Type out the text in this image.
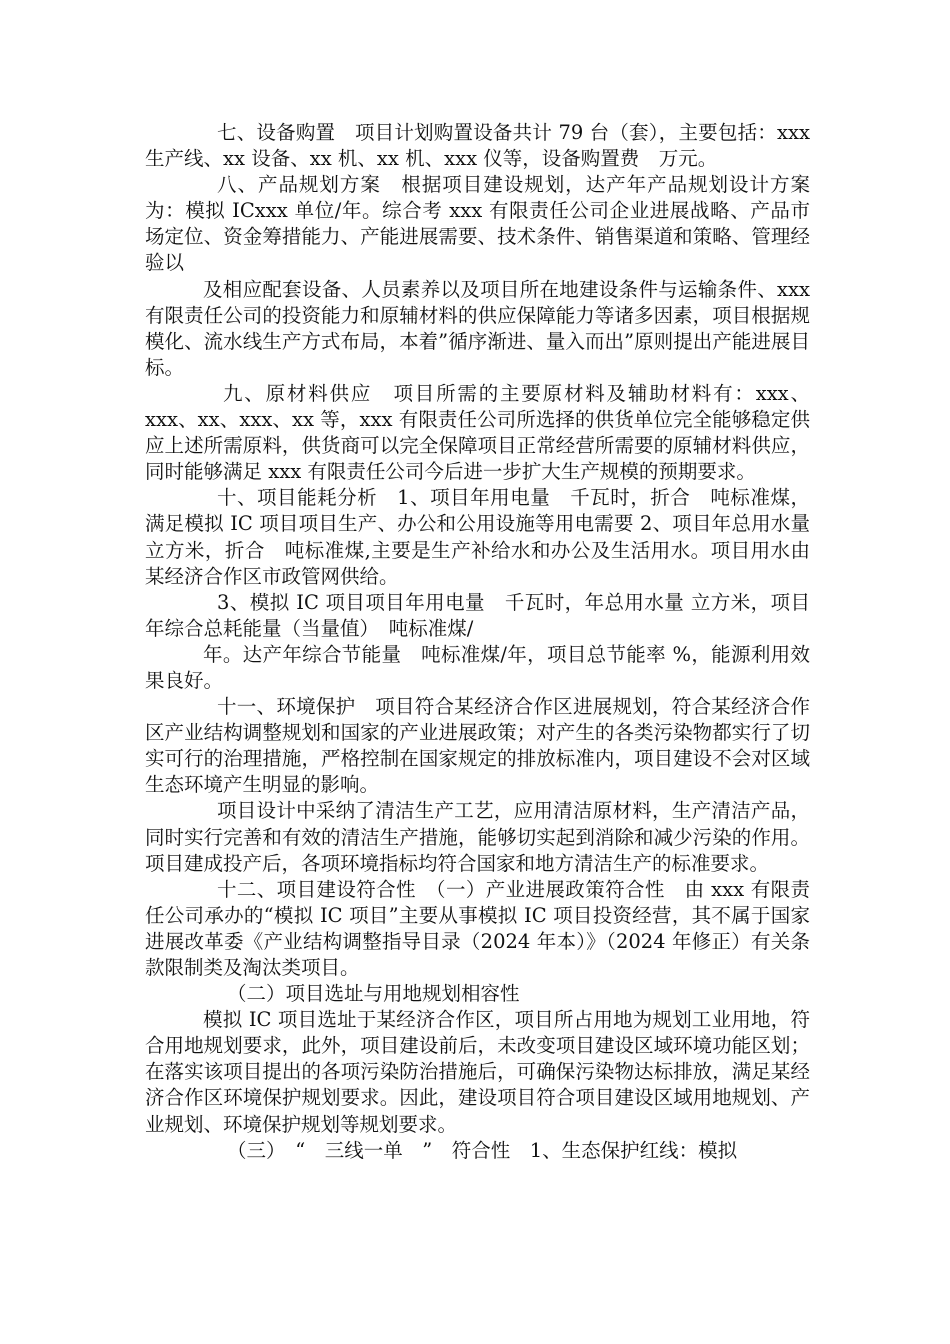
七、设备购置　项目计划购置设备共计 79 台（套），主要包括：xxx 生产线、xx 设备、xx 机、xx 机、xxx 仪等，设备购置费　万元。

八、产品规划方案　根据项目建设规划，达产年产品规划设计方案为：模拟 ICxxx 单位/年。综合考 xxx 有限责任公司企业进展战略、产品市场定位、资金筹措能力、产能进展需要、技术条件、销售渠道和策略、管理经验以

及相应配套设备、人员素养以及项目所在地建设条件与运输条件、xxx 有限责任公司的投资能力和原辅材料的供应保障能力等诸多因素，项目根据规模化、流水线生产方式布局，本着”循序渐进、量入而出”原则提出产能进展目标。

九、原材料供应　项目所需的主要原材料及辅助材料有：xxx、xxx、xx、xxx、xx 等，xxx 有限责任公司所选择的供货单位完全能够稳定供应上述所需原料，供货商可以完全保障项目正常经营所需要的原辅材料供应，同时能够满足 xxx 有限责任公司今后进一步扩大生产规模的预期要求。

十、项目能耗分析　1、项目年用电量　千瓦时，折合　吨标准煤，满足模拟 IC 项目项目生产、办公和公用设施等用电需要 2、项目年总用水量　立方米，折合　吨标准煤,主要是生产补给水和办公及生活用水。项目用水由某经济合作区市政管网供给。

3、模拟 IC 项目项目年用电量　千瓦时，年总用水量 立方米，项目年综合总耗能量（当量值）　吨标准煤/

年。达产年综合节能量　吨标准煤/年，项目总节能率 %，能源利用效果良好。

十一、环境保护　项目符合某经济合作区进展规划，符合某经济合作区产业结构调整规划和国家的产业进展政策；对产生的各类污染物都实行了切实可行的治理措施，严格控制在国家规定的排放标准内，项目建设不会对区域生态环境产生明显的影响。

项目设计中采纳了清洁生产工艺，应用清洁原材料，生产清洁产品，同时实行完善和有效的清洁生产措施，能够切实起到消除和减少污染的作用。项目建成投产后，各项环境指标均符合国家和地方清洁生产的标准要求。

十二、项目建设符合性　（一）产业进展政策符合性　由 xxx 有限责任公司承办的“模拟 IC 项目”主要从事模拟 IC 项目投资经营，其不属于国家进展改革委《产业结构调整指导目录（2024 年本）》（2024 年修正）有关条款限制类及淘汰类项目。

（二）项目选址与用地规划相容性

模拟 IC 项目选址于某经济合作区，项目所占用地为规划工业用地，符合用地规划要求，此外，项目建设前后，未改变项目建设区域环境功能区划；在落实该项目提出的各项污染防治措施后，可确保污染物达标排放，满足某经济合作区环境保护规划要求。因此，建设项目符合项目建设区域用地规划、产业规划、环境保护规划等规划要求。

（三）　“　三线一单　”　符合性　1、生态保护红线：模拟
